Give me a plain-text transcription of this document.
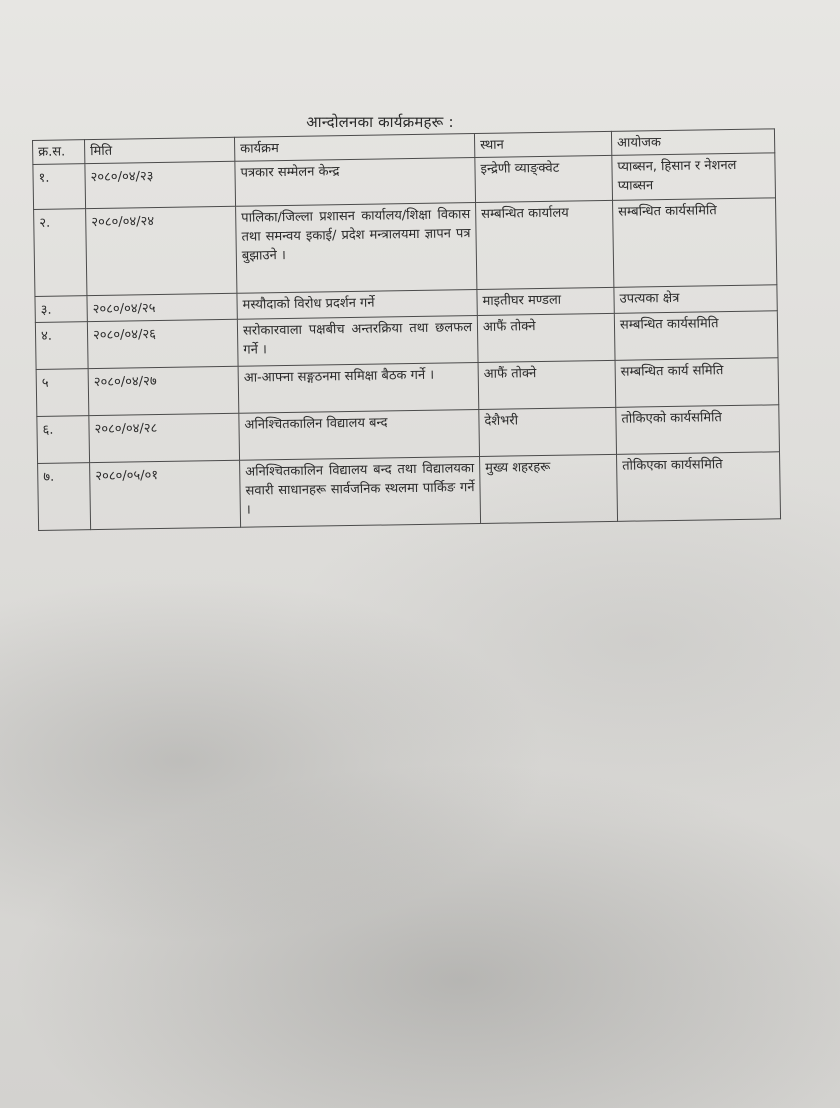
आन्दोलनका कार्यक्रमहरू :
क्र.स.	मिति	कार्यक्रम	स्थान	आयोजक
१.	२०८०/०४/२३	पत्रकार सम्मेलन केन्द्र	इन्द्रेणी व्याङ्क्वेट	प्याब्सन, हिसान र नेशनल प्याब्सन
२.	२०८०/०४/२४	पालिका/जिल्ला प्रशासन कार्यालय/शिक्षा विकास तथा समन्वय इकाई/ प्रदेश मन्त्रालयमा ज्ञापन पत्र बुझाउने ।	सम्बन्धित कार्यालय	सम्बन्धित कार्यसमिति
३.	२०८०/०४/२५	मस्यौदाको विरोध प्रदर्शन गर्ने	माइतीघर मण्डला	उपत्यका क्षेत्र
४.	२०८०/०४/२६	सरोकारवाला पक्षबीच अन्तरक्रिया तथा छलफल गर्ने ।	आफैं तोक्ने	सम्बन्धित कार्यसमिति
५	२०८०/०४/२७	आ-आफ्ना सङ्गठनमा समिक्षा बैठक गर्ने ।	आफैं तोक्ने	सम्बन्धित कार्य समिति
६.	२०८०/०४/२८	अनिश्चितकालिन विद्यालय बन्द	देशैभरी	तोकिएको कार्यसमिति
७.	२०८०/०५/०१	अनिश्चितकालिन विद्यालय बन्द तथा विद्यालयका सवारी साधानहरू सार्वजनिक स्थलमा पार्किङ गर्ने ।	मुख्य शहरहरू	तोकिएका कार्यसमिति
